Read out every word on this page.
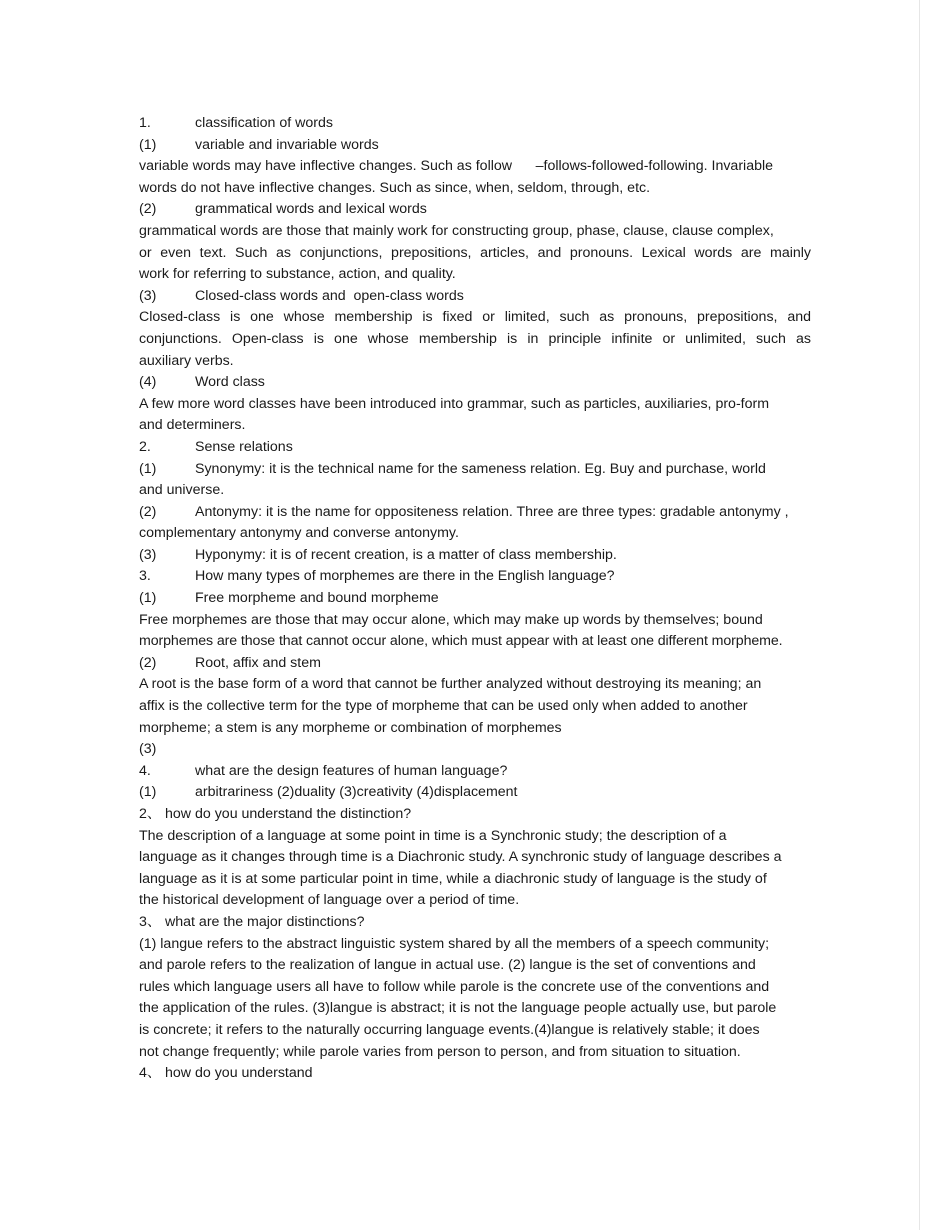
1.	classification of words
(1)	variable and invariable words
variable words may have inflective changes. Such as follow      –follows-followed-following. Invariable
words do not have inflective changes. Such as since, when, seldom, through, etc.
(2)	grammatical words and lexical words
grammatical words are those that mainly work for constructing group, phase, clause, clause complex,
or even text. Such as conjunctions, prepositions, articles, and pronouns. Lexical words are mainly
work for referring to substance, action, and quality.
(3)	Closed-class words and  open-class words
Closed-class is one whose membership is fixed or limited, such as pronouns, prepositions, and
conjunctions. Open-class is one whose membership is in principle infinite or unlimited, such as
auxiliary verbs.
(4)	Word class
A few more word classes have been introduced into grammar, such as particles, auxiliaries, pro-form
and determiners.
2.	Sense relations
(1)	Synonymy: it is the technical name for the sameness relation. Eg. Buy and purchase, world
and universe.
(2)	Antonymy: it is the name for oppositeness relation. Three are three types: gradable antonymy ,
complementary antonymy and converse antonymy.
(3)	Hyponymy: it is of recent creation, is a matter of class membership.
3.	How many types of morphemes are there in the English language?
(1)	Free morpheme and bound morpheme
Free morphemes are those that may occur alone, which may make up words by themselves; bound
morphemes are those that cannot occur alone, which must appear with at least one different morpheme.
(2)	Root, affix and stem
A root is the base form of a word that cannot be further analyzed without destroying its meaning; an
affix is the collective term for the type of morpheme that can be used only when added to another
morpheme; a stem is any morpheme or combination of morphemes
(3)
4.	what are the design features of human language?
(1)	arbitrariness (2)duality (3)creativity (4)displacement
2、 how do you understand the distinction?
The description of a language at some point in time is a Synchronic study; the description of a
language as it changes through time is a Diachronic study. A synchronic study of language describes a
language as it is at some particular point in time, while a diachronic study of language is the study of
the historical development of language over a period of time.
3、 what are the major distinctions?
(1) langue refers to the abstract linguistic system shared by all the members of a speech community;
and parole refers to the realization of langue in actual use. (2) langue is the set of conventions and
rules which language users all have to follow while parole is the concrete use of the conventions and
the application of the rules. (3)langue is abstract; it is not the language people actually use, but parole
is concrete; it refers to the naturally occurring language events.(4)langue is relatively stable; it does
not change frequently; while parole varies from person to person, and from situation to situation.
4、 how do you understand
